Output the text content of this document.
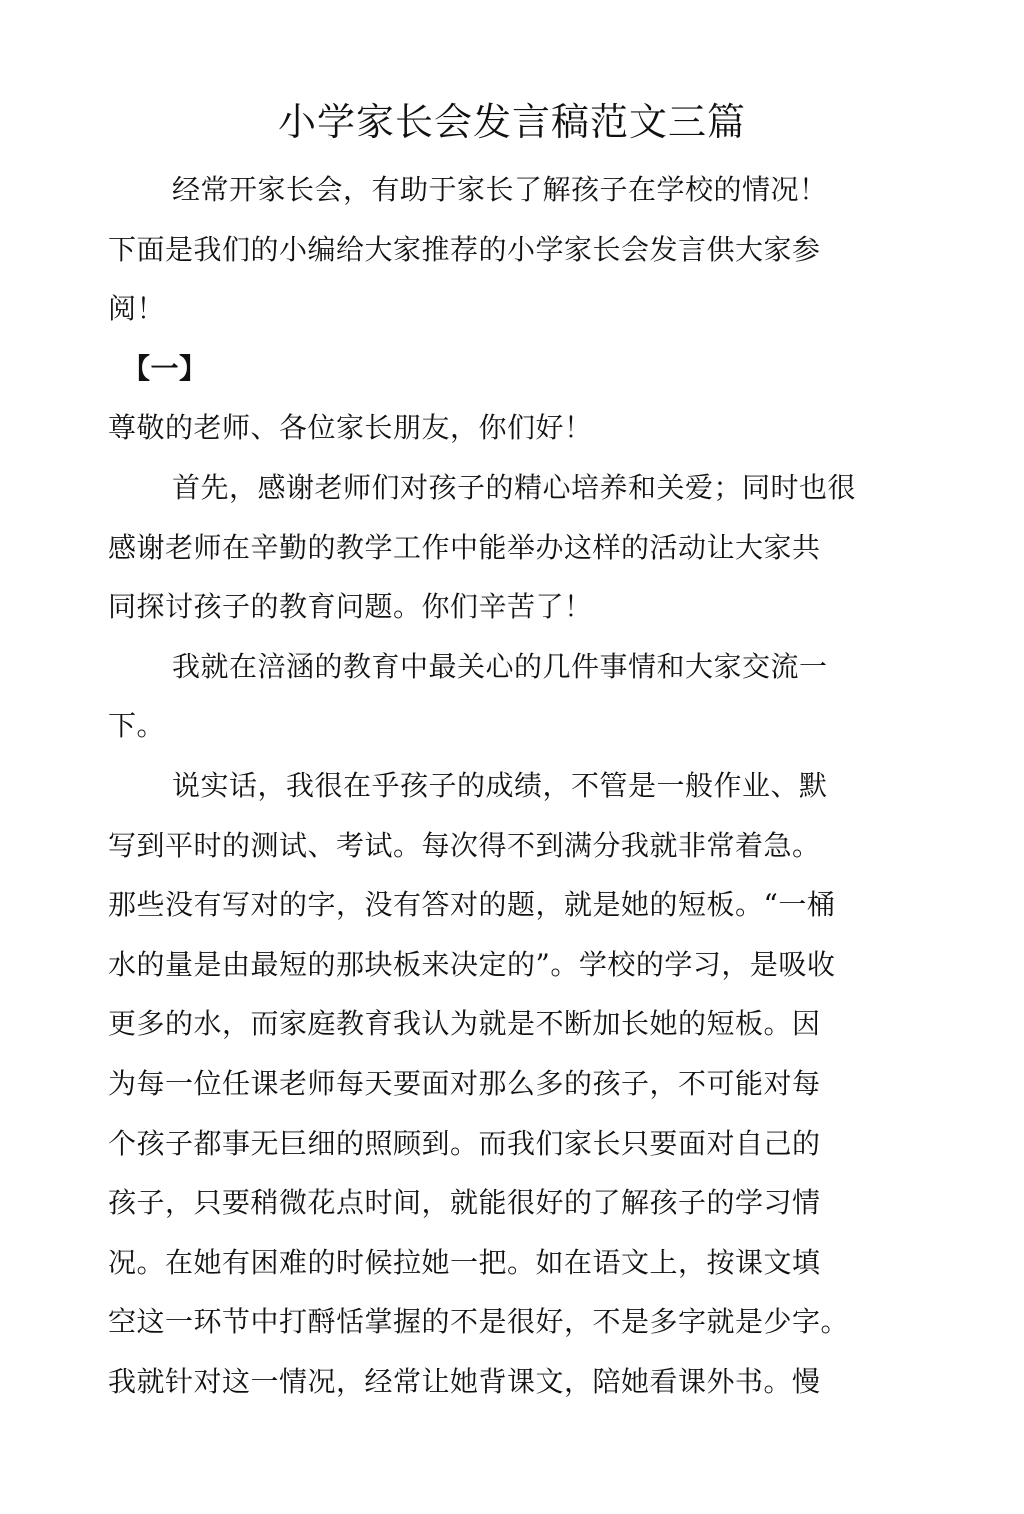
小学家长会发言稿范文三篇
经常开家长会，有助于家长了解孩子在学校的情况！
下面是我们的小编给大家推荐的小学家长会发言供大家参
阅！
【一】
尊敬的老师、各位家长朋友，你们好！
首先，感谢老师们对孩子的精心培养和关爱；同时也很
感谢老师在辛勤的教学工作中能举办这样的活动让大家共
同探讨孩子的教育问题。你们辛苦了！
我就在涪涵的教育中最关心的几件事情和大家交流一
下。
说实话，我很在乎孩子的成绩，不管是一般作业、默
写到平时的测试、考试。每次得不到满分我就非常着急。
那些没有写对的字，没有答对的题，就是她的短板。“一桶
水的量是由最短的那块板来决定的”。学校的学习，是吸收
更多的水，而家庭教育我认为就是不断加长她的短板。因
为每一位任课老师每天要面对那么多的孩子，不可能对每
个孩子都事无巨细的照顾到。而我们家长只要面对自己的
孩子，只要稍微花点时间，就能很好的了解孩子的学习情
况。在她有困难的时候拉她一把。如在语文上，按课文填
空这一环节中打酹恬掌握的不是很好，不是多字就是少字。
我就针对这一情况，经常让她背课文，陪她看课外书。慢
